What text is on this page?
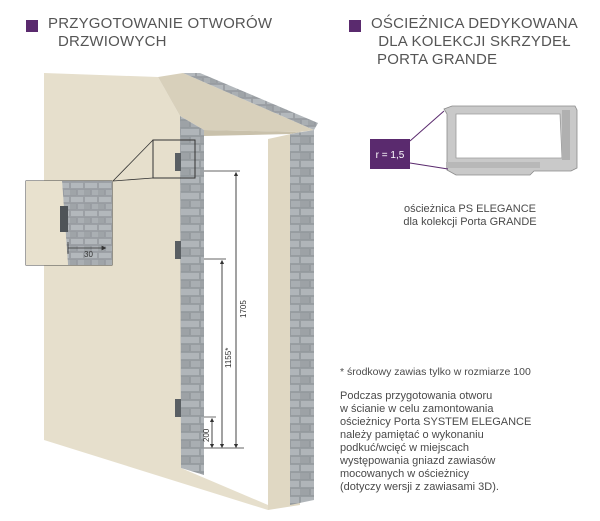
PRZYGOTOWANIE OTWORÓW
DRZWIOWYCH
OŚCIEŻNICA DEDYKOWANA
DLA KOLEKCJI SKRZYDEŁ
PORTA GRANDE
30
1705
1155*
200
r = 1,5
ościeżnica PS ELEGANCE
dla kolekcji Porta GRANDE
* środkowy zawias tylko w rozmiarze 100
Podczas przygotowania otworu
w ścianie w celu zamontowania
ościeżnicy Porta SYSTEM ELEGANCE
należy pamiętać o wykonaniu
podkuć/wcięć w miejscach
występowania gniazd zawiasów
mocowanych w ościeżnicy
(dotyczy wersji z zawiasami 3D).
